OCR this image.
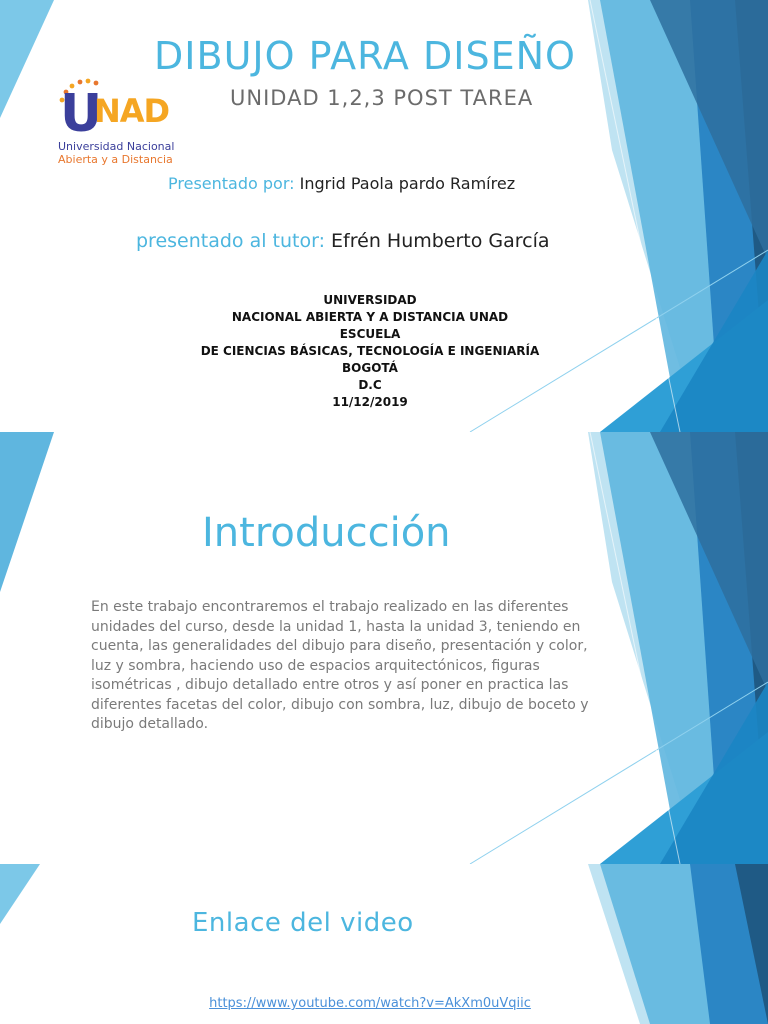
DIBUJO PARA DISEÑO
UNIDAD 1,2,3 POST TAREA
U
NAD
Universidad Nacional
Abierta y a Distancia
Presentado por: Ingrid Paola pardo Ramírez
presentado al tutor: Efrén Humberto García
UNIVERSIDAD
NACIONAL ABIERTA Y A DISTANCIA UNAD
ESCUELA
DE CIENCIAS BÁSICAS, TECNOLOGÍA E INGENIARÍA
BOGOTÁ
D.C
11/12/2019
Introducción
En este trabajo encontraremos el trabajo realizado en las diferentes unidades del curso, desde la unidad 1, hasta la unidad 3, teniendo en cuenta, las generalidades del dibujo para diseño, presentación y color, luz y sombra, haciendo uso de espacios arquitectónicos, figuras isométricas , dibujo detallado entre otros y así poner en practica las diferentes facetas del color, dibujo con sombra, luz, dibujo de boceto y dibujo detallado.
Enlace del video
https://www.youtube.com/watch?v=AkXm0uVqiic
